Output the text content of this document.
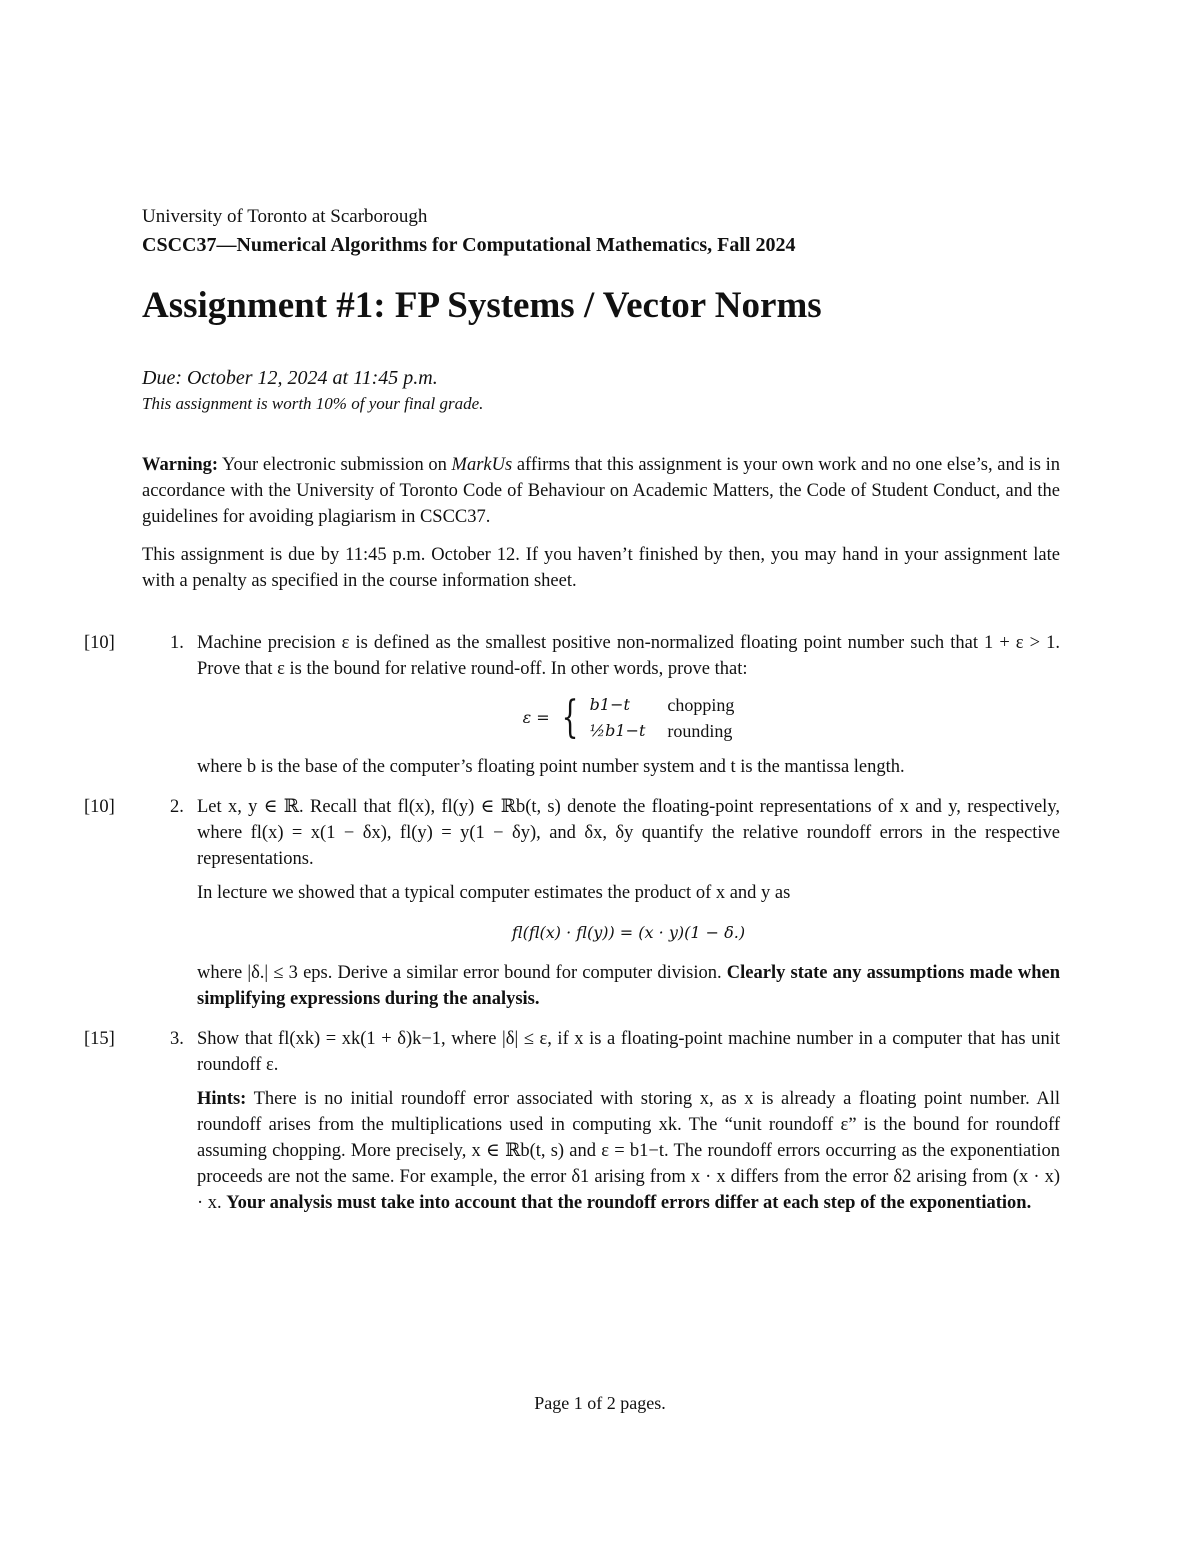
University of Toronto at Scarborough
CSCC37—Numerical Algorithms for Computational Mathematics, Fall 2024
Assignment #1: FP Systems / Vector Norms
Due: October 12, 2024 at 11:45 p.m.
This assignment is worth 10% of your final grade.

Warning: Your electronic submission on MarkUs affirms that this assignment is your own work and no one else’s, and is in accordance with the University of Toronto Code of Behaviour on Academic Matters, the Code of Student Conduct, and the guidelines for avoiding plagiarism in CSCC37.

This assignment is due by 11:45 p.m. October 12. If you haven’t finished by then, you may hand in your assignment late with a penalty as specified in the course information sheet.

[10]	1. Machine precision ε is defined as the smallest positive non-normalized floating point number such that 1 + ε > 1. Prove that ε is the bound for relative round-off. In other words, prove that:

ε = { b1−t	chopping
½b1−t rounding

where b is the base of the computer’s floating point number system and t is the mantissa length.

[10]	2. Let x, y ∈ ℝ. Recall that fl(x), fl(y) ∈ ℝb(t, s) denote the floating-point representations of x and y, respectively, where fl(x) = x(1 − δx), fl(y) = y(1 − δy), and δx, δy quantify the relative roundoff errors in the respective representations.

In lecture we showed that a typical computer estimates the product of x and y as

fl(fl(x) · fl(y)) = (x · y)(1 − δ.)

where |δ.| ≤ 3 eps. Derive a similar error bound for computer division. Clearly state any assumptions made when simplifying expressions during the analysis.

[15]	3. Show that fl(xk) = xk(1 + δ)k−1, where |δ| ≤ ε, if x is a floating-point machine number in a computer that has unit roundoff ε.

Hints: There is no initial roundoff error associated with storing x, as x is already a floating point number. All roundoff arises from the multiplications used in computing xk. The “unit roundoff ε” is the bound for roundoff assuming chopping. More precisely, x ∈ ℝb(t, s) and ε = b1−t. The roundoff errors occurring as the exponentiation proceeds are not the same. For example, the error δ1 arising from x · x differs from the error δ2 arising from (x · x) · x. Your analysis must take into account that the roundoff errors differ at each step of the exponentiation.

Page 1 of 2 pages.
